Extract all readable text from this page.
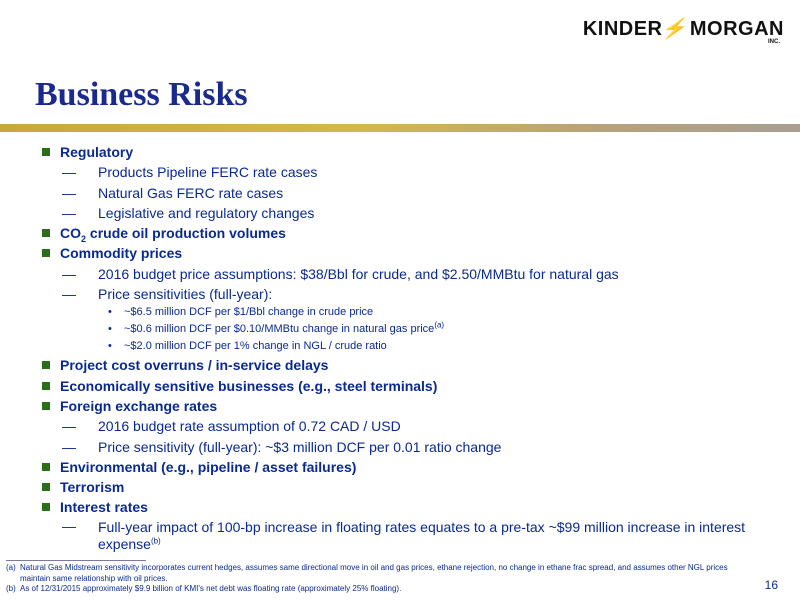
KINDER⚡MORGAN
INC.
Business Risks
Regulatory
— Products Pipeline FERC rate cases
— Natural Gas FERC rate cases
— Legislative and regulatory changes
$CO_2$ crude oil production volumes
Commodity prices
— 2016 budget price assumptions: $38/Bbl for crude, and $2.50/MMBtu for natural gas
— Price sensitivities (full-year):
• ~$6.5 million DCF per $1/Bbl change in crude price
• ~$0.6 million DCF per $0.10/MMBtu change in natural gas price$^{(a)}$
• ~$2.0 million DCF per 1% change in NGL / crude ratio
Project cost overruns / in-service delays
Economically sensitive businesses (e.g., steel terminals)
Foreign exchange rates
— 2016 budget rate assumption of 0.72 CAD / USD
— Price sensitivity (full-year): ~$3 million DCF per 0.01 ratio change
Environmental (e.g., pipeline / asset failures)
Terrorism
Interest rates
— Full-year impact of 100-bp increase in floating rates equates to a pre-tax ~$99 million increase in interest expense$^{(b)}$
(a) Natural Gas Midstream sensitivity incorporates current hedges, assumes same directional move in oil and gas prices, ethane rejection, no change in ethane frac spread, and assumes other NGL prices maintain same relationship with oil prices.
(b) As of 12/31/2015 approximately $9.9 billion of KMI's net debt was floating rate (approximately 25% floating).	16
